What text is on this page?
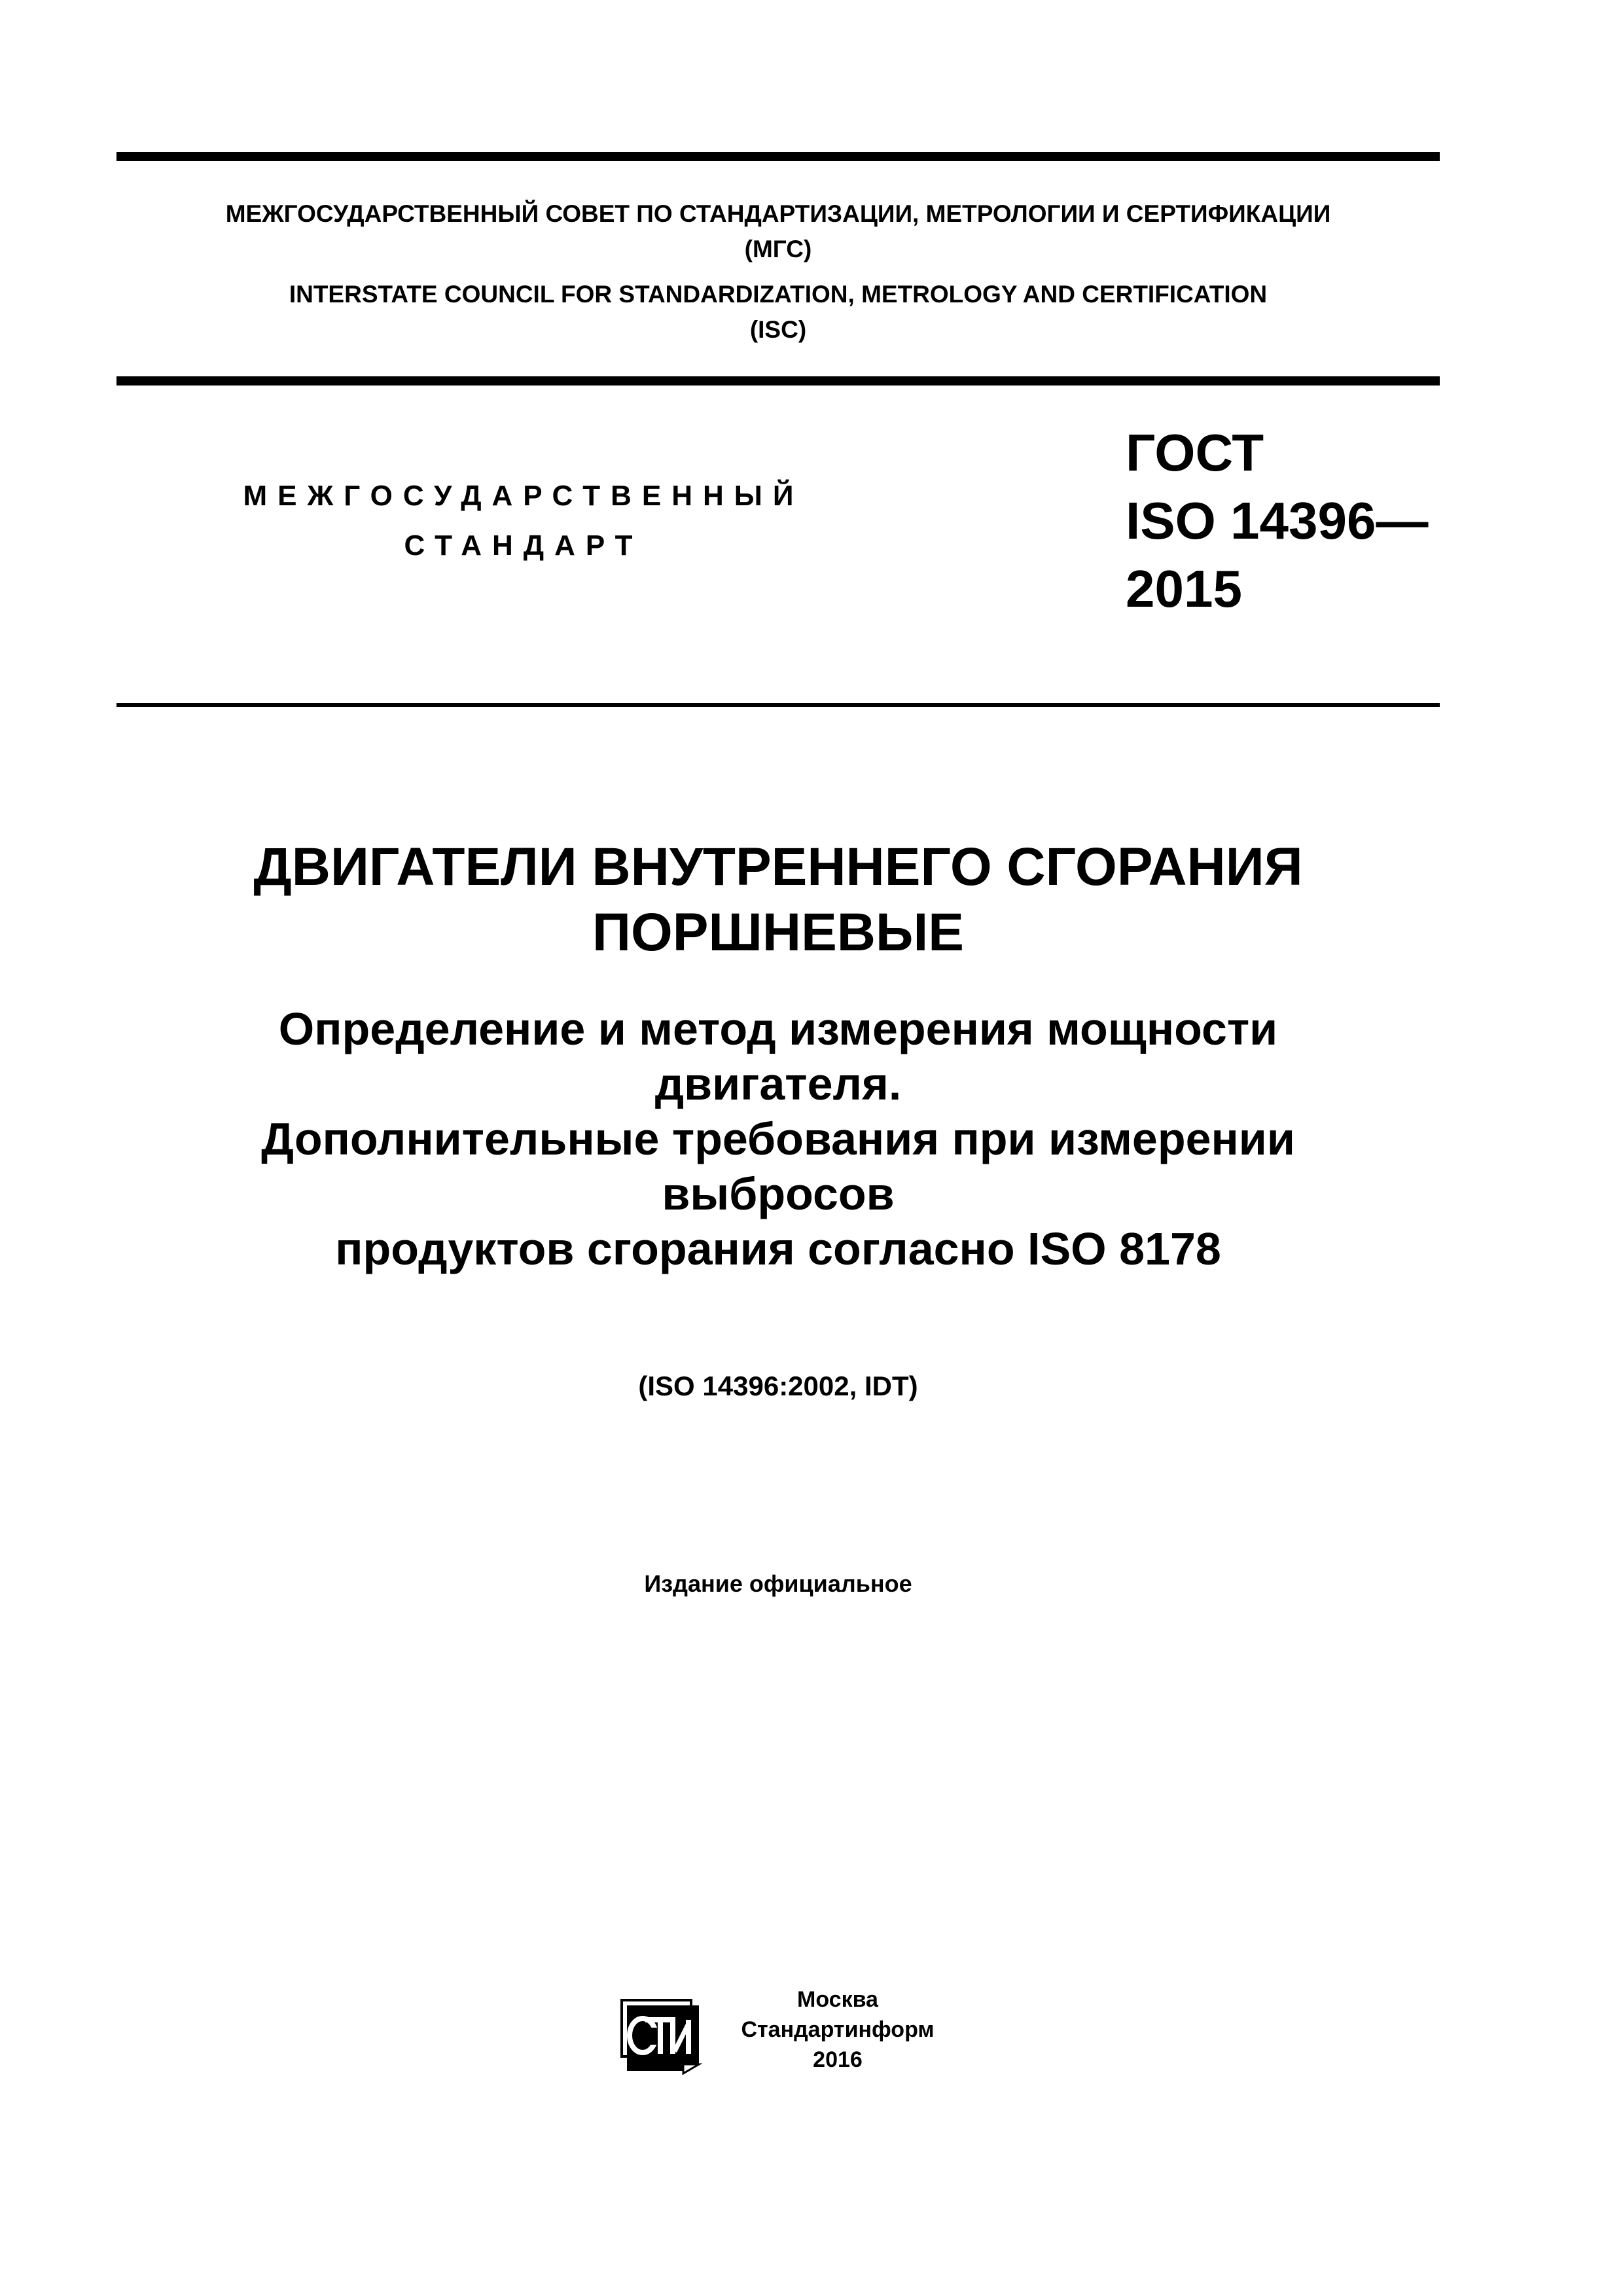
МЕЖГОСУДАРСТВЕННЫЙ СОВЕТ ПО СТАНДАРТИЗАЦИИ, МЕТРОЛОГИИ И СЕРТИФИКАЦИИ
(МГС)
INTERSTATE COUNCIL FOR STANDARDIZATION, METROLOGY AND CERTIFICATION
(ISC)
МЕЖГОСУДАРСТВЕННЫЙ
СТАНДАРТ
ГОСТ
ISO 14396—
2015
ДВИГАТЕЛИ ВНУТРЕННЕГО СГОРАНИЯ
ПОРШНЕВЫЕ
Определение и метод измерения мощности
двигателя.
Дополнительные требования при измерении
выбросов
продуктов сгорания согласно ISO 8178
(ISO 14396:2002, IDT)
Издание официальное
Москва
Стандартинформ
2016
